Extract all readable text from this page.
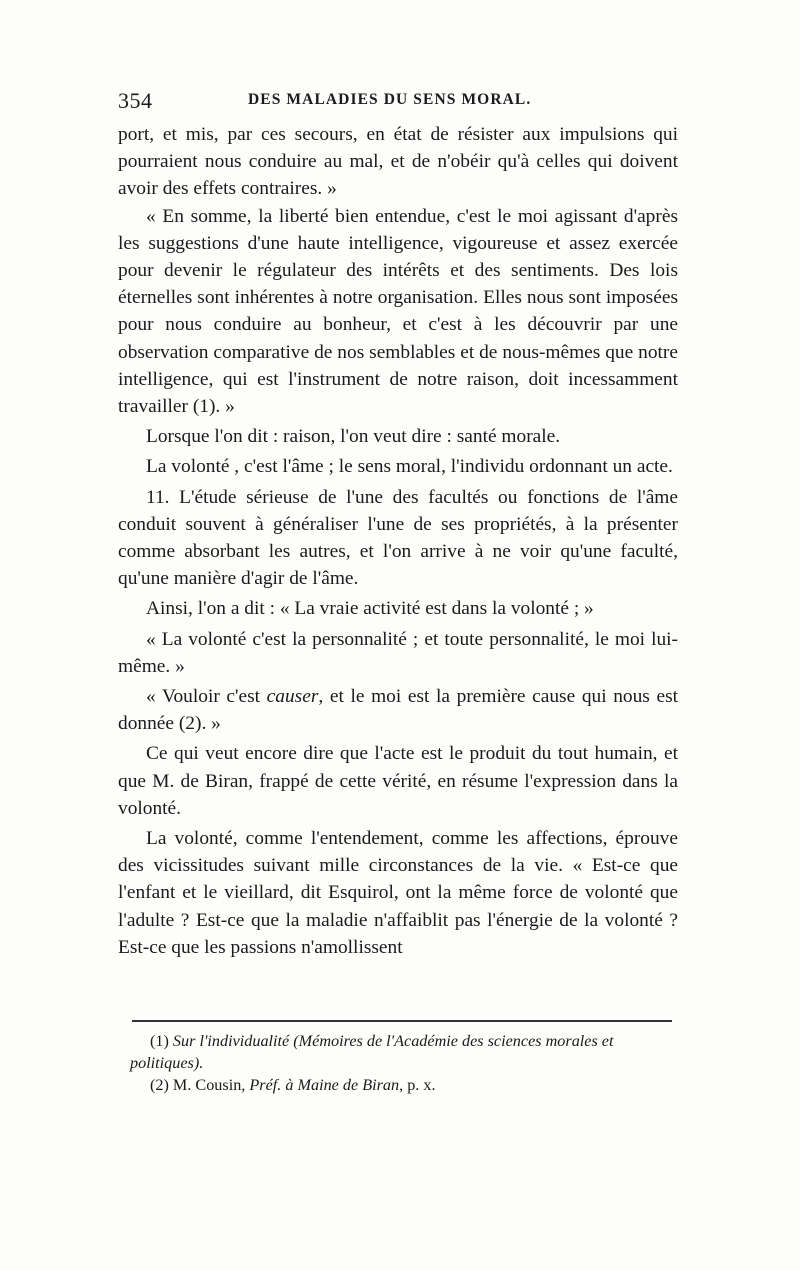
354	DES MALADIES DU SENS MORAL.

port, et mis, par ces secours, en état de résister aux impulsions qui pourraient nous conduire au mal, et de n'obéir qu'à celles qui doivent avoir des effets contraires. »

« En somme, la liberté bien entendue, c'est le moi agissant d'après les suggestions d'une haute intelligence, vigoureuse et assez exercée pour devenir le régulateur des intérêts et des sentiments. Des lois éternelles sont inhérentes à notre organisation. Elles nous sont imposées pour nous conduire au bonheur, et c'est à les découvrir par une observation comparative de nos semblables et de nous-mêmes que notre intelligence, qui est l'instrument de notre raison, doit incessamment travailler (1). »

Lorsque l'on dit : raison, l'on veut dire : santé morale.

La volonté , c'est l'âme ; le sens moral, l'individu ordonnant un acte.

11. L'étude sérieuse de l'une des facultés ou fonctions de l'âme conduit souvent à généraliser l'une de ses propriétés, à la présenter comme absorbant les autres, et l'on arrive à ne voir qu'une faculté, qu'une manière d'agir de l'âme.

Ainsi, l'on a dit : « La vraie activité est dans la volonté ; »

« La volonté c'est la personnalité ; et toute personnalité, le moi lui-même. »

« Vouloir c'est causer, et le moi est la première cause qui nous est donnée (2). »

Ce qui veut encore dire que l'acte est le produit du tout humain, et que M. de Biran, frappé de cette vérité, en résume l'expression dans la volonté.

La volonté, comme l'entendement, comme les affections, éprouve des vicissitudes suivant mille circonstances de la vie. « Est-ce que l'enfant et le vieillard, dit Esquirol, ont la même force de volonté que l'adulte ? Est-ce que la maladie n'affaiblit pas l'énergie de la volonté ? Est-ce que les passions n'amollissent

(1) Sur l'individualité (Mémoires de l'Académie des sciences morales et politiques).

(2) M. Cousin, Préf. à Maine de Biran, p. x.
